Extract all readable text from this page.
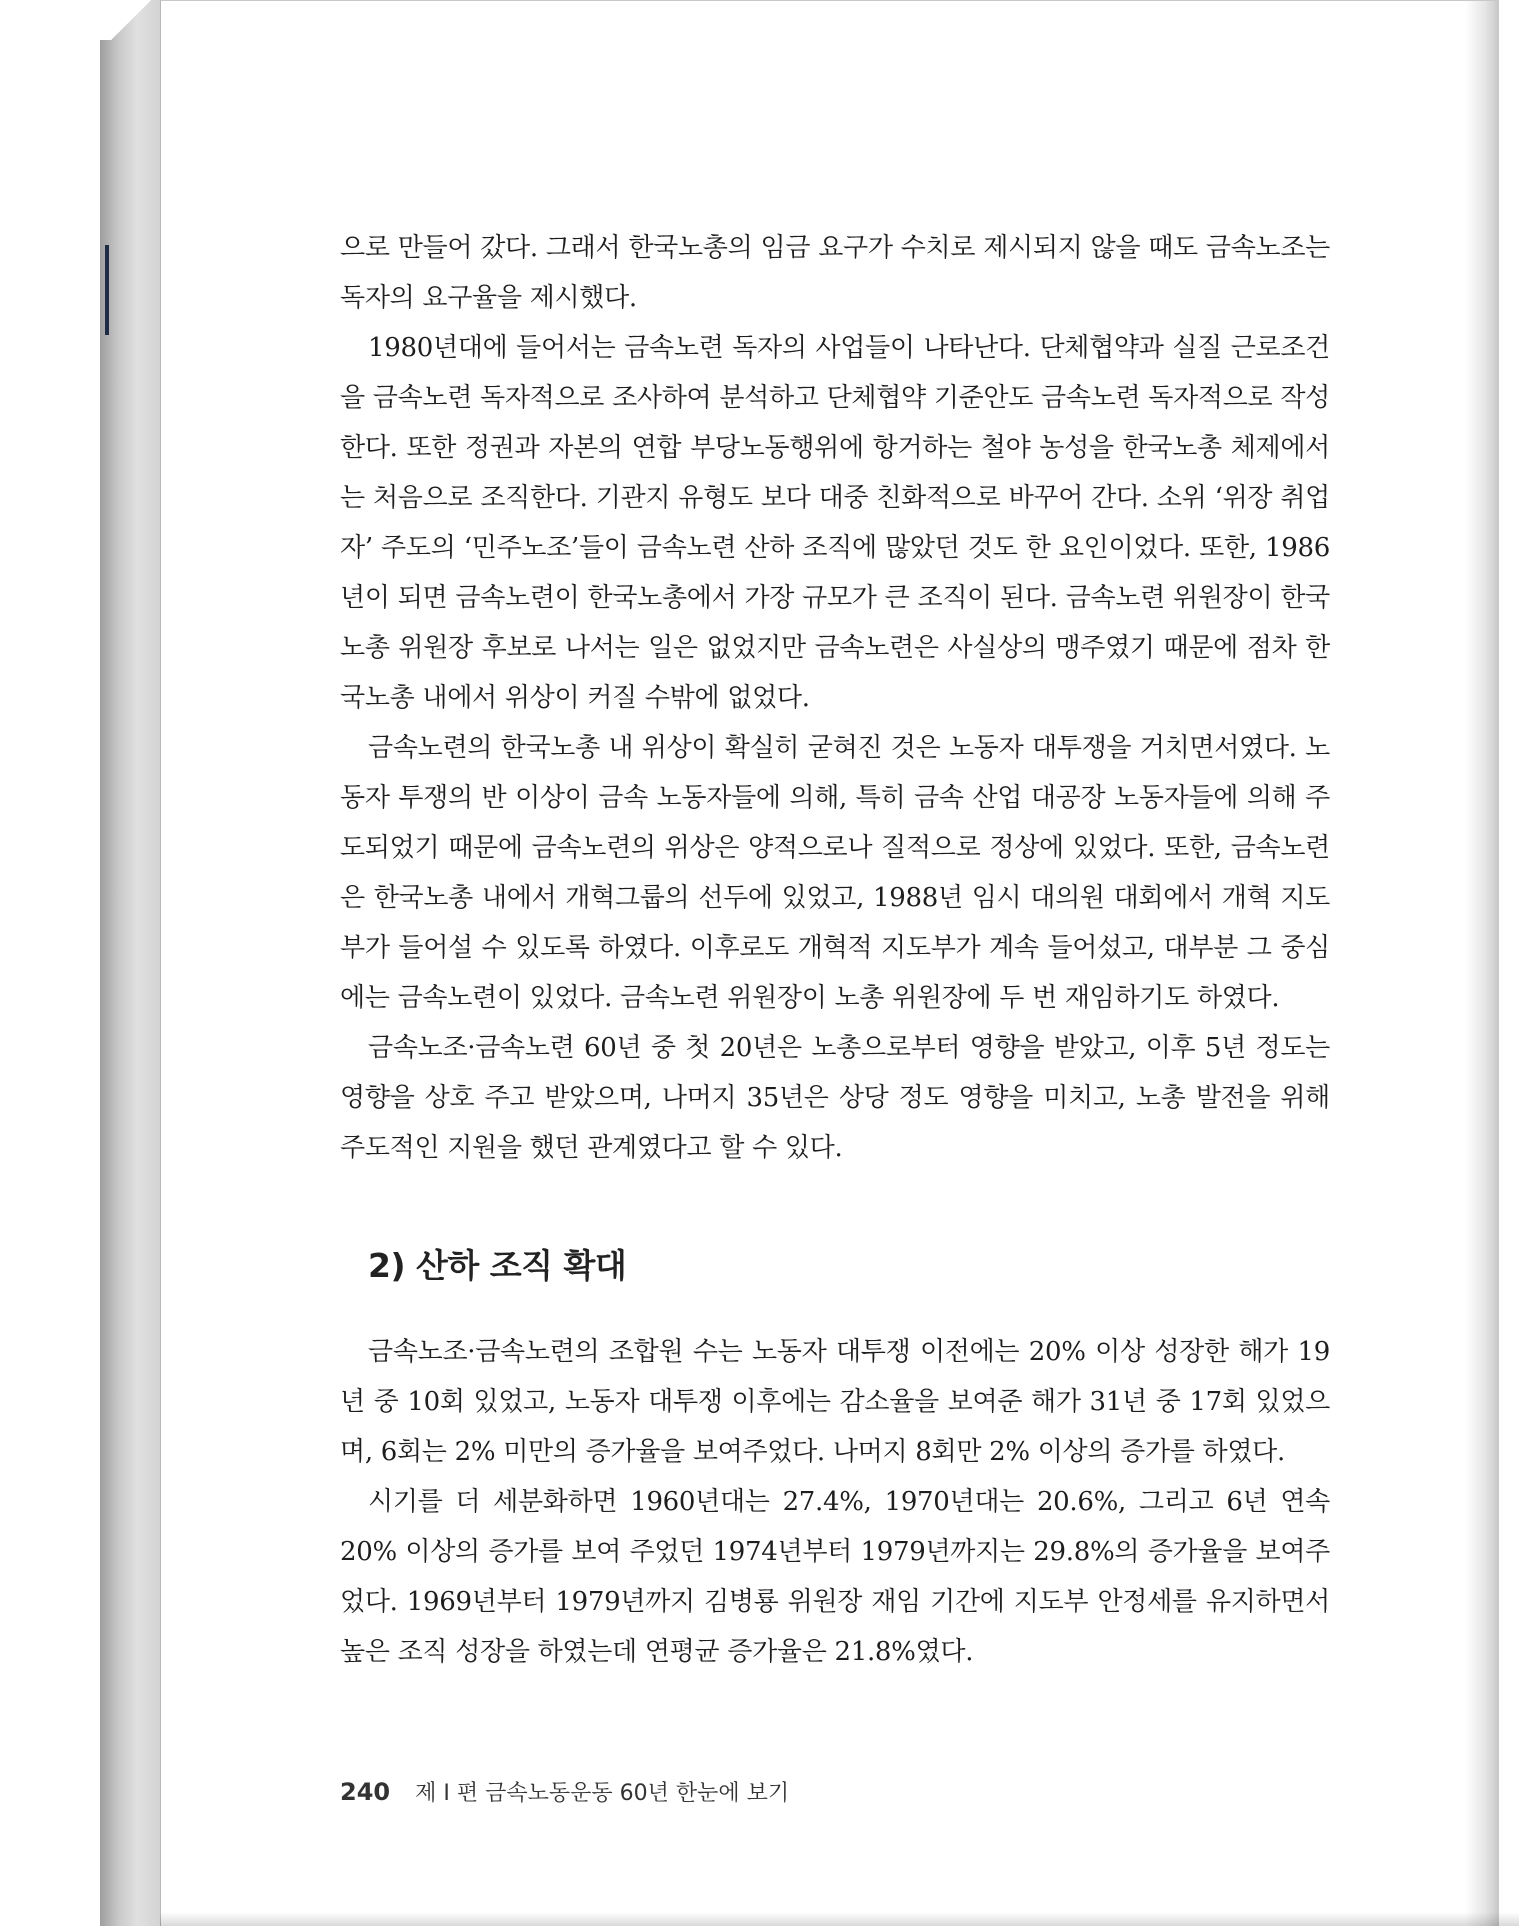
으로 만들어 갔다. 그래서 한국노총의 임금 요구가 수치로 제시되지 않을 때도 금속노조는 독자의 요구율을 제시했다.

1980년대에 들어서는 금속노련 독자의 사업들이 나타난다. 단체협약과 실질 근로조건을 금속노련 독자적으로 조사하여 분석하고 단체협약 기준안도 금속노련 독자적으로 작성한다. 또한 정권과 자본의 연합 부당노동행위에 항거하는 철야 농성을 한국노총 체제에서는 처음으로 조직한다. 기관지 유형도 보다 대중 친화적으로 바꾸어 간다. 소위 ‘위장 취업자’ 주도의 ‘민주노조’들이 금속노련 산하 조직에 많았던 것도 한 요인이었다. 또한, 1986년이 되면 금속노련이 한국노총에서 가장 규모가 큰 조직이 된다. 금속노련 위원장이 한국노총 위원장 후보로 나서는 일은 없었지만 금속노련은 사실상의 맹주였기 때문에 점차 한국노총 내에서 위상이 커질 수밖에 없었다.

금속노련의 한국노총 내 위상이 확실히 굳혀진 것은 노동자 대투쟁을 거치면서였다. 노동자 투쟁의 반 이상이 금속 노동자들에 의해, 특히 금속 산업 대공장 노동자들에 의해 주도되었기 때문에 금속노련의 위상은 양적으로나 질적으로 정상에 있었다. 또한, 금속노련은 한국노총 내에서 개혁그룹의 선두에 있었고, 1988년 임시 대의원 대회에서 개혁 지도부가 들어설 수 있도록 하였다. 이후로도 개혁적 지도부가 계속 들어섰고, 대부분 그 중심에는 금속노련이 있었다. 금속노련 위원장이 노총 위원장에 두 번 재임하기도 하였다.

금속노조·금속노련 60년 중 첫 20년은 노총으로부터 영향을 받았고, 이후 5년 정도는 영향을 상호 주고 받았으며, 나머지 35년은 상당 정도 영향을 미치고, 노총 발전을 위해 주도적인 지원을 했던 관계였다고 할 수 있다.

2) 산하 조직 확대

금속노조·금속노련의 조합원 수는 노동자 대투쟁 이전에는 20% 이상 성장한 해가 19년 중 10회 있었고, 노동자 대투쟁 이후에는 감소율을 보여준 해가 31년 중 17회 있었으며, 6회는 2% 미만의 증가율을 보여주었다. 나머지 8회만 2% 이상의 증가를 하였다.

시기를 더 세분화하면 1960년대는 27.4%, 1970년대는 20.6%, 그리고 6년 연속 20% 이상의 증가를 보여 주었던 1974년부터 1979년까지는 29.8%의 증가율을 보여주었다. 1969년부터 1979년까지 김병룡 위원장 재임 기간에 지도부 안정세를 유지하면서 높은 조직 성장을 하였는데 연평균 증가율은 21.8%였다.

240 제 I 편 금속노동운동 60년 한눈에 보기
